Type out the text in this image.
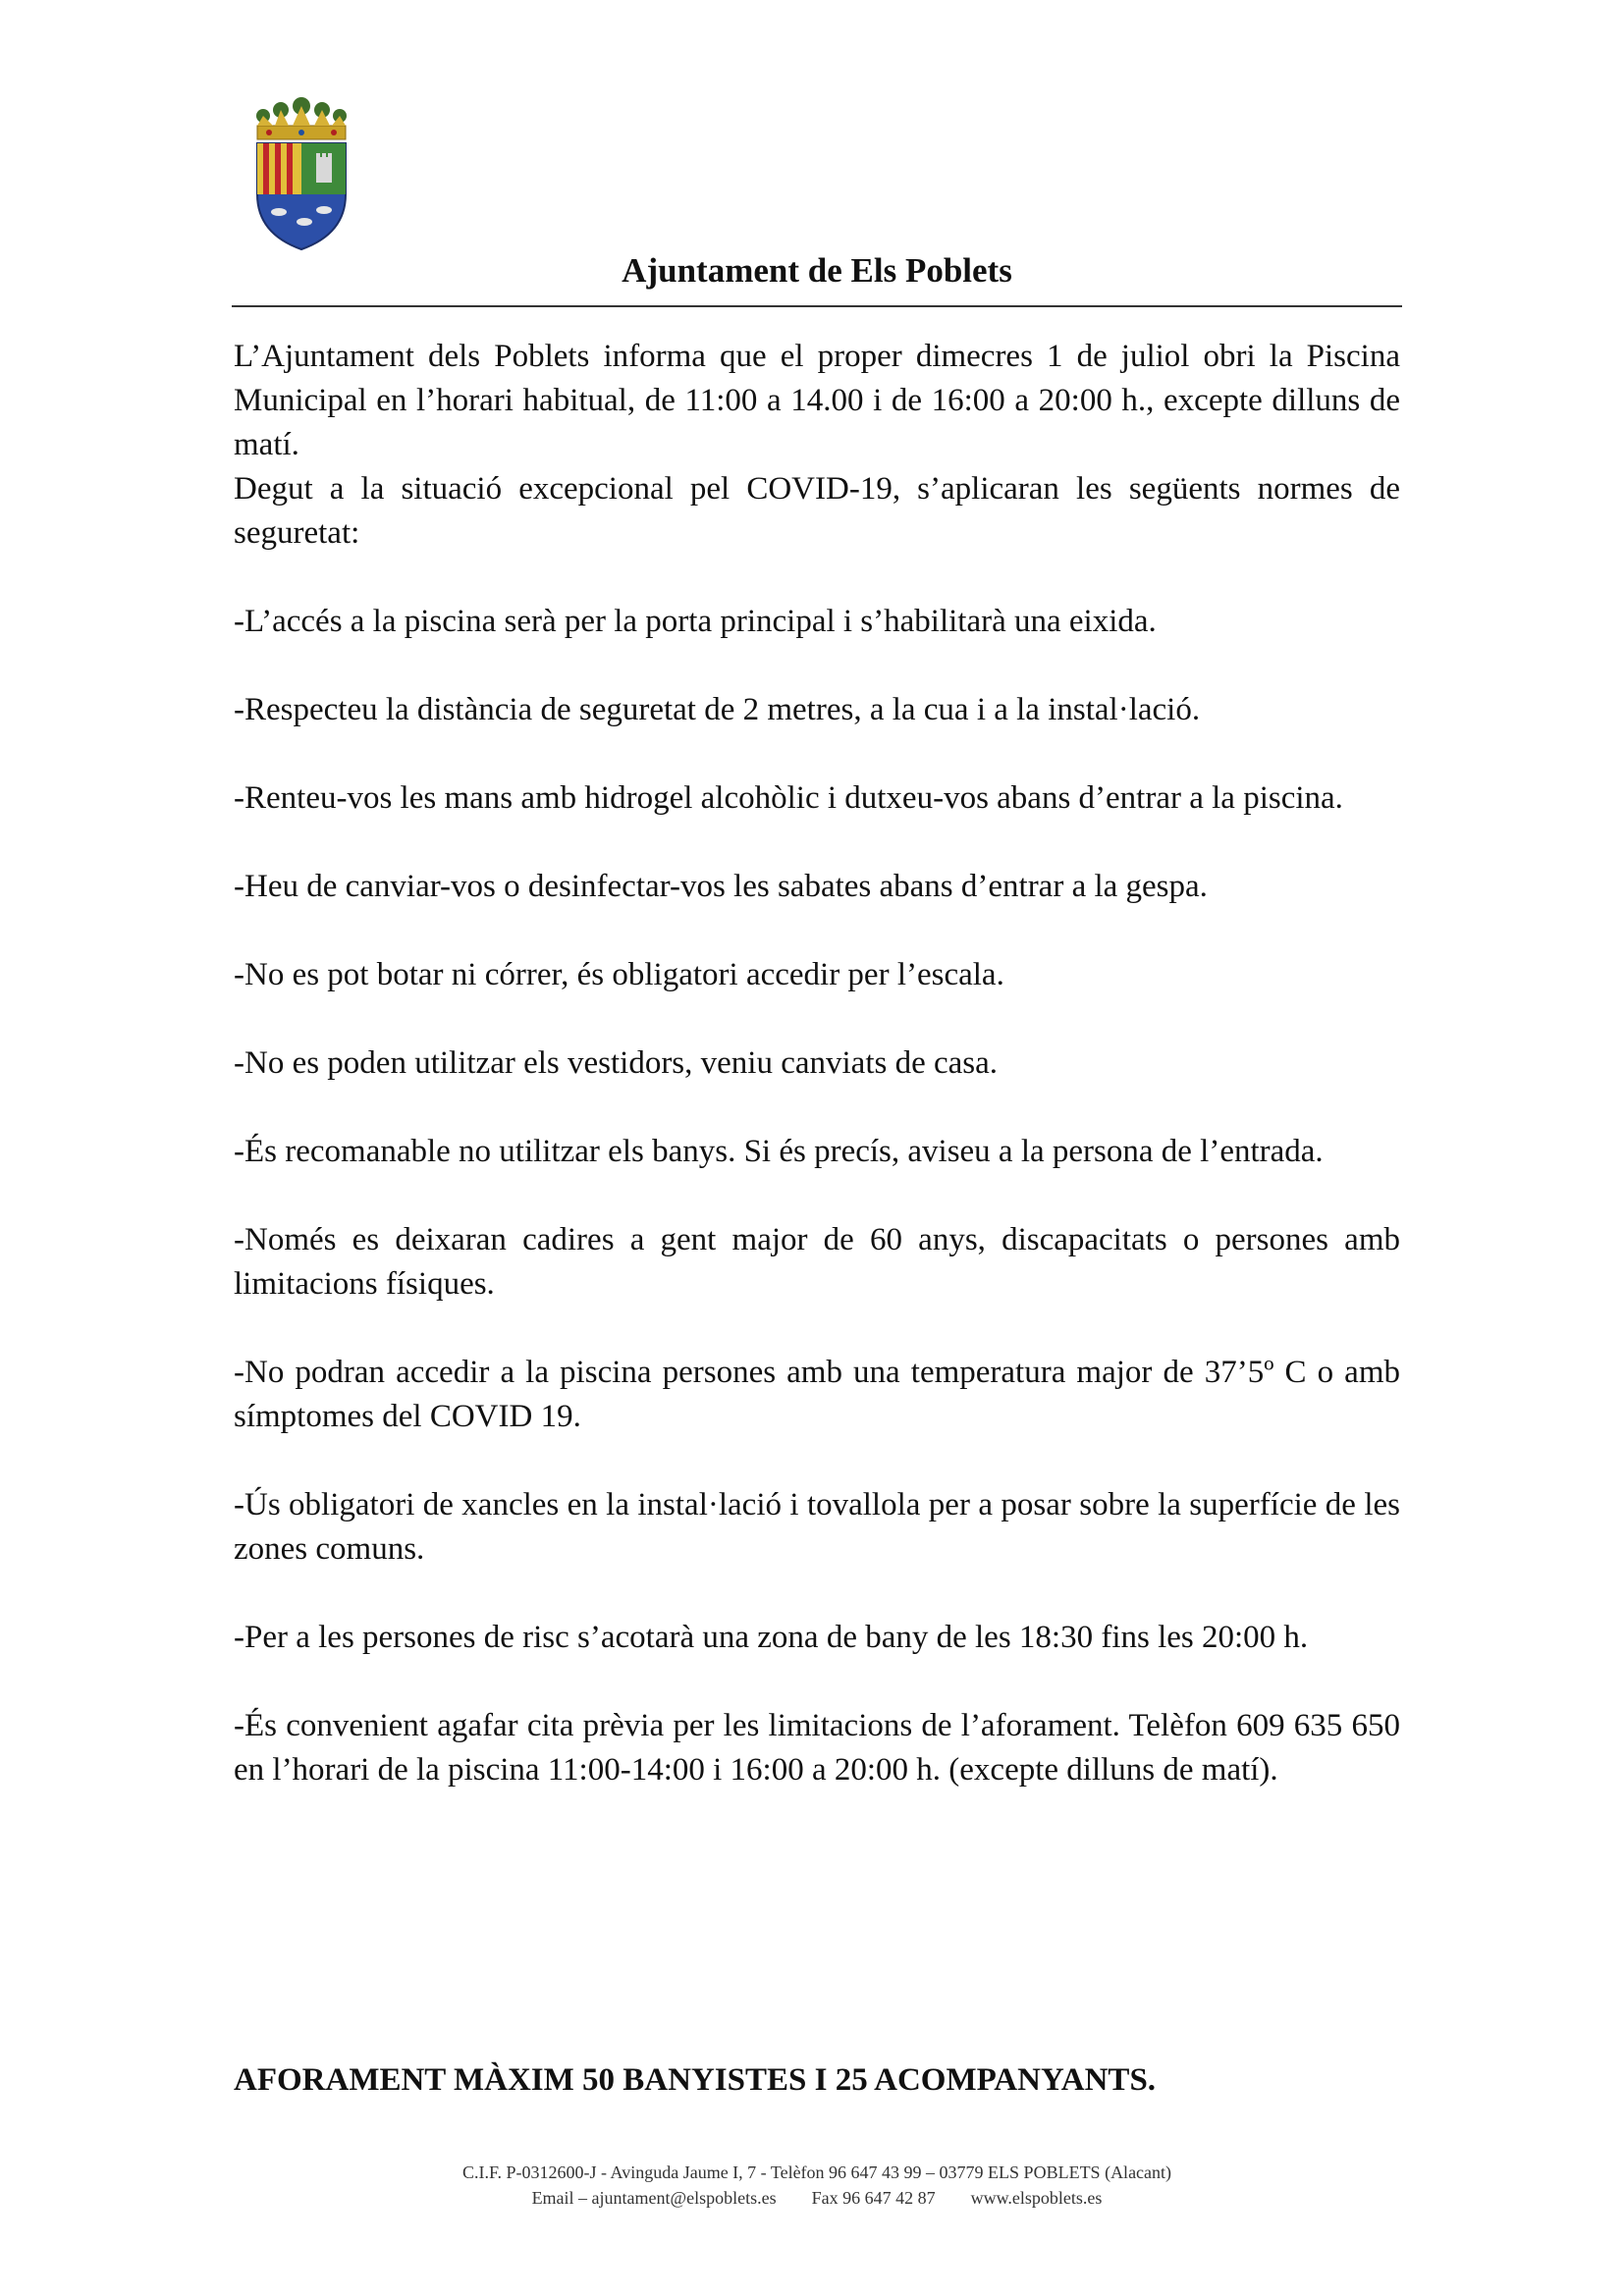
Ajuntament de Els Poblets

L’Ajuntament dels Poblets informa que el proper dimecres 1 de juliol obri la Piscina Municipal en l’horari habitual, de 11:00 a 14.00 i de 16:00 a 20:00 h., excepte dilluns de matí.

Degut a la situació excepcional pel COVID-19, s’aplicaran les següents normes de seguretat:

-L’accés a la piscina serà per la porta principal i s’habilitarà una eixida.

-Respecteu la distància de seguretat de 2 metres, a la cua i a la instal·lació.

-Renteu-vos les mans amb hidrogel alcohòlic i dutxeu-vos abans d’entrar a la piscina.

-Heu de canviar-vos o desinfectar-vos les sabates abans d’entrar a la gespa.

-No es pot botar ni córrer, és obligatori accedir per l’escala.

-No es poden utilitzar els vestidors, veniu canviats de casa.

-És recomanable no utilitzar els banys. Si és precís, aviseu a la persona de l’entrada.

-Només es deixaran cadires a gent major de 60 anys, discapacitats o persones amb limitacions físiques.

-No podran accedir a la piscina persones amb una temperatura major de 37’5º C o amb símptomes del COVID 19.

-Ús obligatori de xancles en la instal·lació i tovallola per a posar sobre la superfície de les zones comuns.

-Per a les persones de risc s’acotarà una zona de bany de les 18:30 fins les 20:00 h.

-És convenient agafar cita prèvia per les limitacions de l’aforament. Telèfon 609 635 650 en l’horari de la piscina 11:00-14:00 i 16:00 a 20:00 h. (excepte dilluns de matí).

AFORAMENT MÀXIM 50 BANYISTES I 25 ACOMPANYANTS.
C.I.F. P-0312600-J - Avinguda Jaume I, 7 - Telèfon 96 647 43 99 – 03779 ELS POBLETS (Alacant)
Email – ajuntament@elspoblets.es Fax 96 647 42 87 www.elspoblets.es
